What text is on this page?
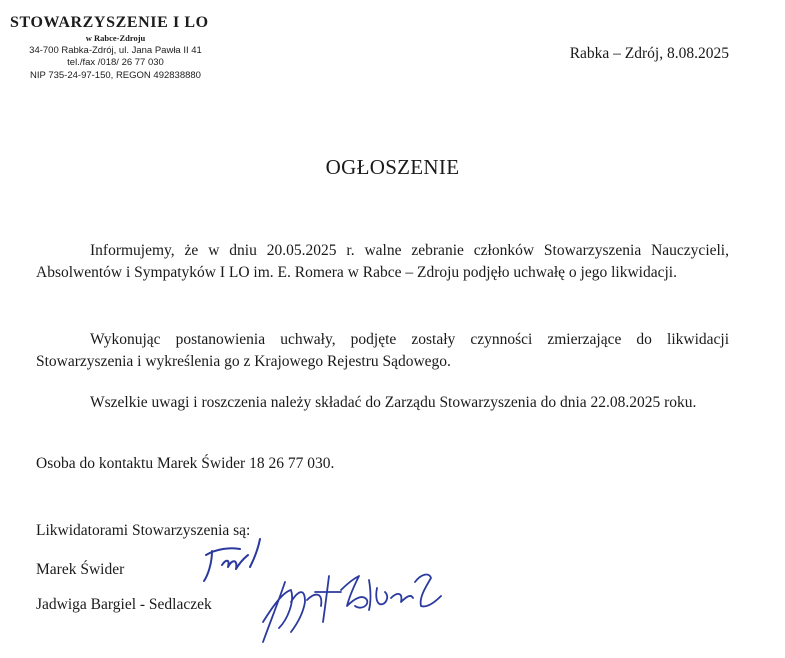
STOWARZYSZENIE I LO
w Rabce-Zdroju
34-700 Rabka-Zdrój, ul. Jana Pawła II 41
tel./fax /018/ 26 77 030
NIP 735-24-97-150, REGON 492838880
Rabka – Zdrój, 8.08.2025
OGŁOSZENIE
Informujemy, że w dniu 20.05.2025 r. walne zebranie członków Stowarzyszenia Nauczycieli, Absolwentów i Sympatyków I LO im. E. Romera w Rabce – Zdroju podjęło uchwałę o jego likwidacji.
Wykonując postanowienia uchwały, podjęte zostały czynności zmierzające do likwidacji Stowarzyszenia i wykreślenia go z Krajowego Rejestru Sądowego.
Wszelkie uwagi i roszczenia należy składać do Zarządu Stowarzyszenia do dnia 22.08.2025 roku.
Osoba do kontaktu Marek Świder 18 26 77 030.
Likwidatorami Stowarzyszenia są:
Marek Świder
Jadwiga Bargiel - Sedlaczek
